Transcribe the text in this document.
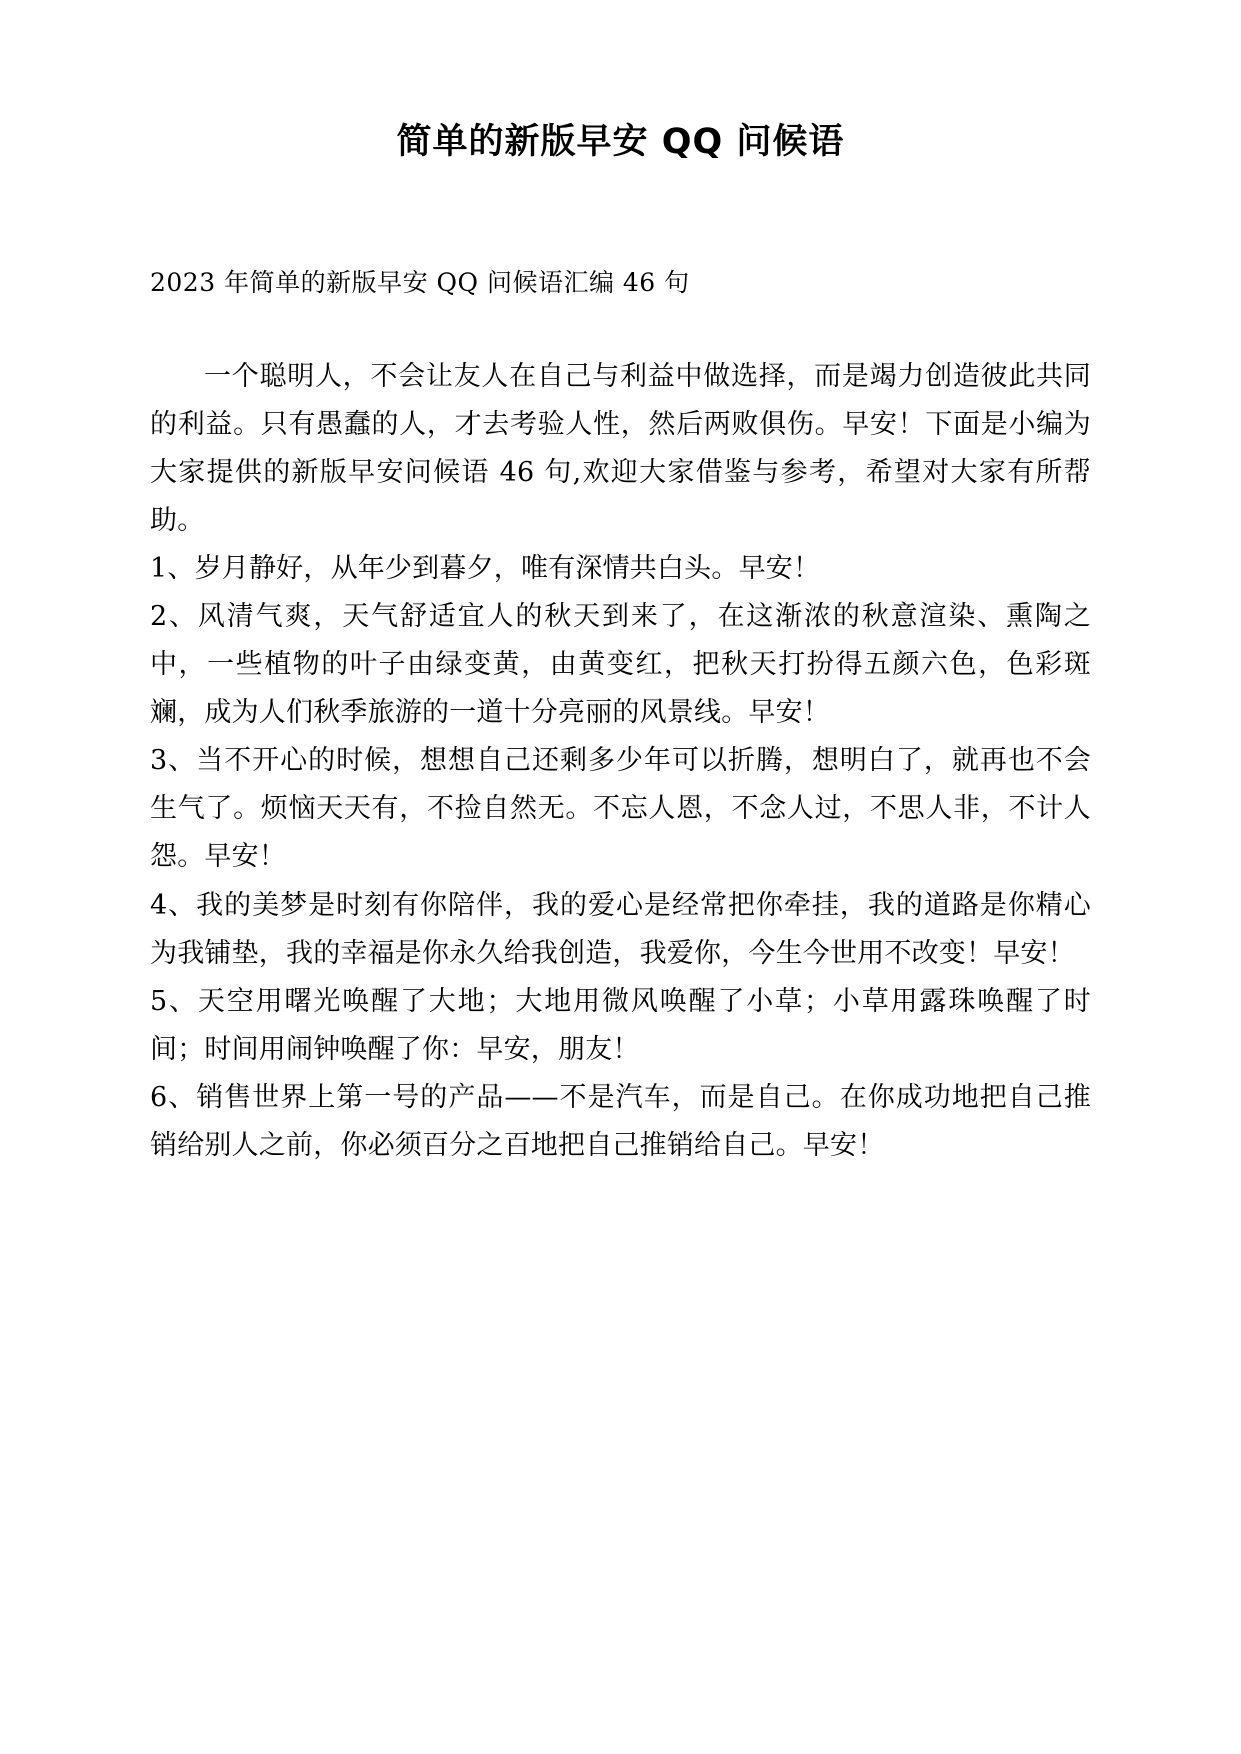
简单的新版早安 QQ 问候语

2023 年简单的新版早安 QQ 问候语汇编 46 句

一个聪明人，不会让友人在自己与利益中做选择，而是竭力创造彼此共同的利益。只有愚蠢的人，才去考验人性，然后两败俱伤。早安！下面是小编为大家提供的新版早安问候语 46 句,欢迎大家借鉴与参考，希望对大家有所帮助。

1、岁月静好，从年少到暮夕，唯有深情共白头。早安！

2、风清气爽，天气舒适宜人的秋天到来了，在这渐浓的秋意渲染、熏陶之中，一些植物的叶子由绿变黄，由黄变红，把秋天打扮得五颜六色，色彩斑斓，成为人们秋季旅游的一道十分亮丽的风景线。早安！

3、当不开心的时候，想想自己还剩多少年可以折腾，想明白了，就再也不会生气了。烦恼天天有，不捡自然无。不忘人恩，不念人过，不思人非，不计人怨。早安！

4、我的美梦是时刻有你陪伴，我的爱心是经常把你牵挂，我的道路是你精心为我铺垫，我的幸福是你永久给我创造，我爱你，今生今世用不改变！早安！

5、天空用曙光唤醒了大地；大地用微风唤醒了小草；小草用露珠唤醒了时间；时间用闹钟唤醒了你：早安，朋友！

6、销售世界上第一号的产品——不是汽车，而是自己。在你成功地把自己推销给别人之前，你必须百分之百地把自己推销给自己。早安！
